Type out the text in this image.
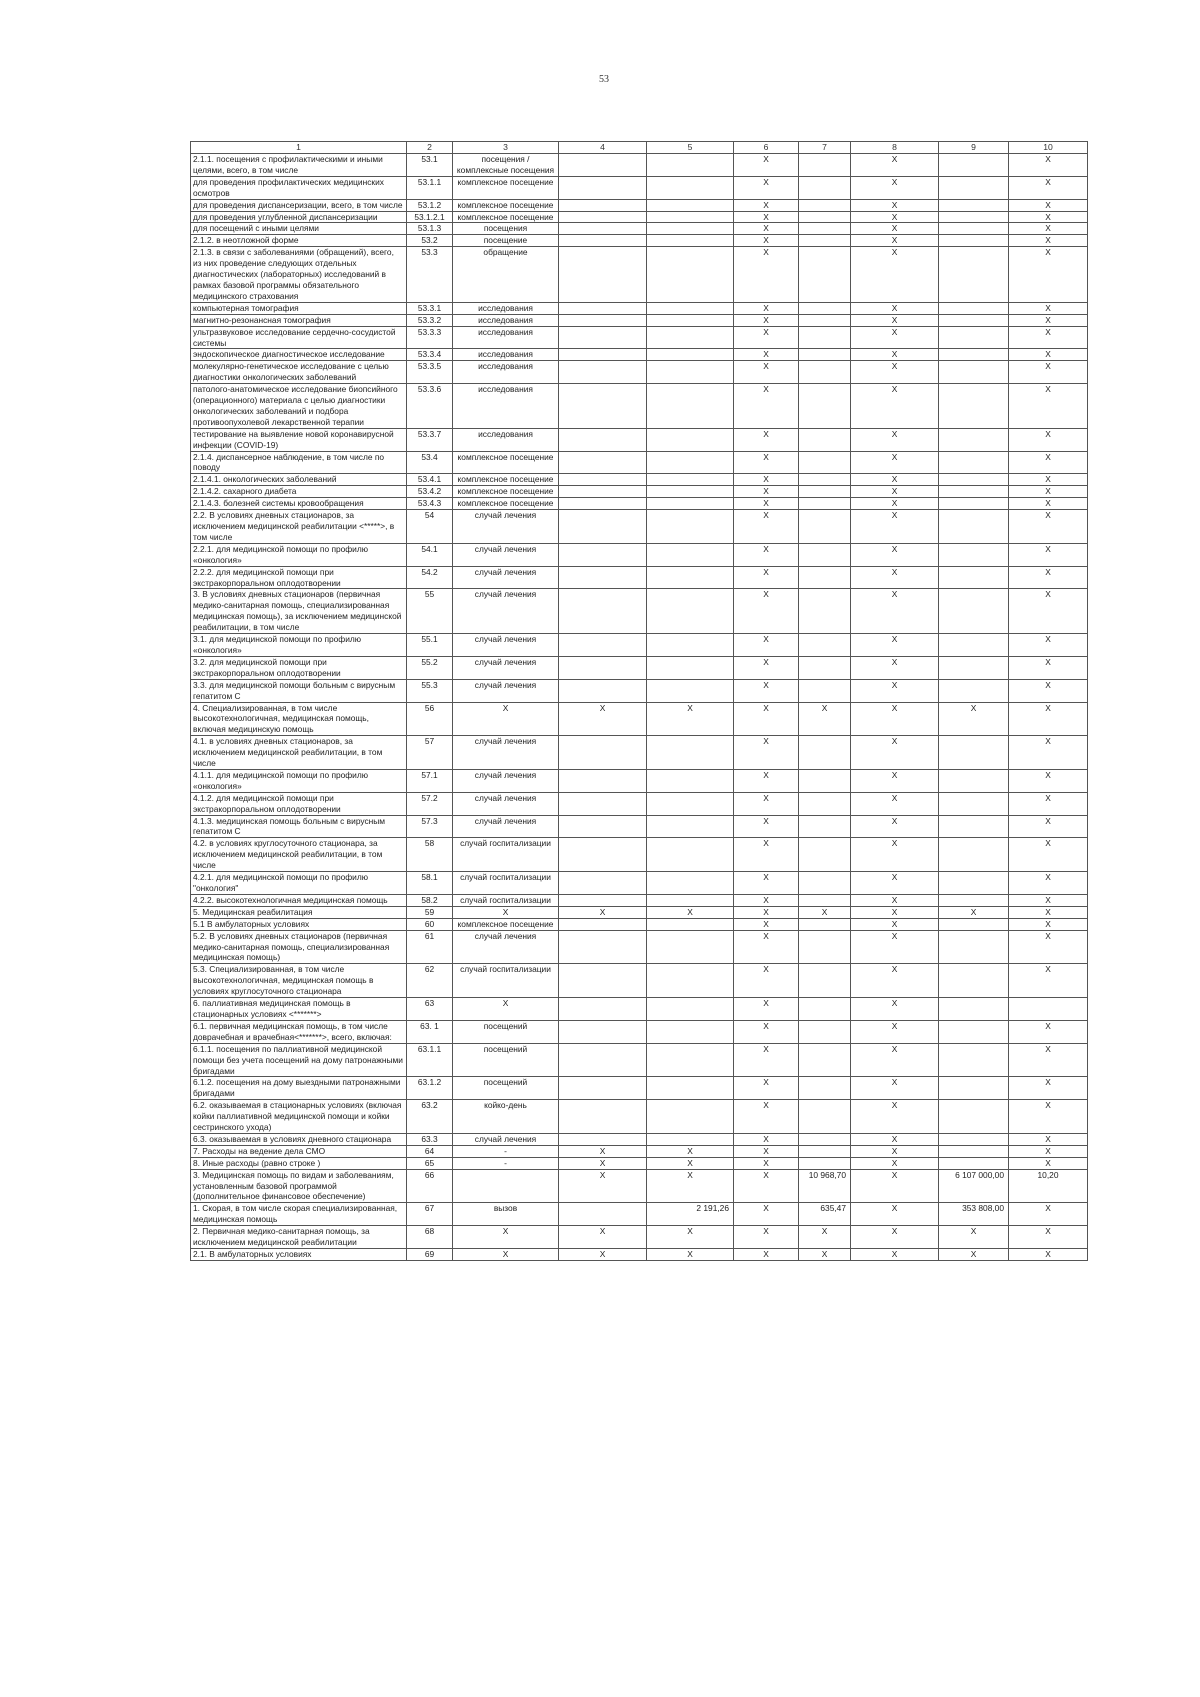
53
1	2	3	4	5	6	7	8	9	10
2.1.1. посещения с профилактическими и иными целями, всего, в том числе	53.1	посещения / комплексные посещения			X		X		X
для проведения профилактических медицинских осмотров	53.1.1	комплексное посещение			X		X		X
для проведения диспансеризации, всего, в том числе	53.1.2	комплексное посещение			X		X		X
для проведения углубленной диспансеризации	53.1.2.1	комплексное посещение			X		X		X
для посещений с иными целями	53.1.3	посещения			X		X		X
2.1.2. в неотложной форме	53.2	посещение			X		X		X
2.1.3. в связи с заболеваниями (обращений), всего, из них проведение следующих отдельных диагностических (лабораторных) исследований в рамках базовой программы обязательного медицинского страхования	53.3	обращение			X		X		X
компьютерная томография	53.3.1	исследования			X		X		X
магнитно-резонансная томография	53.3.2	исследования			X		X		X
ультразвуковое исследование сердечно-сосудистой системы	53.3.3	исследования			X		X		X
эндоскопическое диагностическое исследование	53.3.4	исследования			X		X		X
молекулярно-генетическое исследование с целью диагностики онкологических заболеваний	53.3.5	исследования			X		X		X
патолого-анатомическое исследование биопсийного (операционного) материала с целью диагностики онкологических заболеваний и подбора противоопухолевой лекарственной терапии	53.3.6	исследования			X		X		X
тестирование на выявление новой коронавирусной инфекции (COVID-19)	53.3.7	исследования			X		X		X
2.1.4. диспансерное наблюдение, в том числе по поводу	53.4	комплексное посещение			X		X		X
2.1.4.1. онкологических заболеваний	53.4.1	комплексное посещение			X		X		X
2.1.4.2. сахарного диабета	53.4.2	комплексное посещение			X		X		X
2.1.4.3. болезней системы кровообращения	53.4.3	комплексное посещение			X		X		X
2.2. В условиях дневных стационаров, за исключением медицинской реабилитации <*****>, в том числе	54	случай лечения			X		X		X
2.2.1. для медицинской помощи по профилю «онкология»	54.1	случай лечения			X		X		X
2.2.2. для медицинской помощи при экстракорпоральном оплодотворении	54.2	случай лечения			X		X		X
3. В условиях дневных стационаров (первичная медико-санитарная помощь, специализированная медицинская помощь), за исключением медицинской реабилитации, в том числе	55	случай лечения			X		X		X
3.1. для медицинской помощи по профилю «онкология»	55.1	случай лечения			X		X		X
3.2. для медицинской помощи при экстракорпоральном оплодотворении	55.2	случай лечения			X		X		X
3.3. для медицинской помощи больным с вирусным гепатитом С	55.3	случай лечения			X		X		X
4. Специализированная, в том числе высокотехнологичная, медицинская помощь, включая медицинскую помощь	56	X	X	X	X	X	X	X	X
4.1. в условиях дневных стационаров, за исключением медицинской реабилитации, в том числе	57	случай лечения			X		X		X
4.1.1. для медицинской помощи по профилю «онкология»	57.1	случай лечения			X		X		X
4.1.2. для медицинской помощи при экстракорпоральном оплодотворении	57.2	случай лечения			X		X		X
4.1.3. медицинская помощь больным с вирусным гепатитом С	57.3	случай лечения			X		X		X
4.2. в условиях круглосуточного стационара, за исключением медицинской реабилитации, в том числе	58	случай госпитализации			X		X		X
4.2.1. для медицинской помощи по профилю "онкология"	58.1	случай госпитализации			X		X		X
4.2.2. высокотехнологичная медицинская помощь	58.2	случай госпитализации			X		X		X
5. Медицинская реабилитация	59	X	X	X	X	X	X	X	X
5.1 В амбулаторных условиях	60	комплексное посещение			X		X		X
5.2. В условиях дневных стационаров (первичная медико-санитарная помощь, специализированная медицинская помощь)	61	случай лечения			X		X		X
5.3. Специализированная, в том числе высокотехнологичная, медицинская помощь в условиях круглосуточного стационара	62	случай госпитализации			X		X		X
6. паллиативная медицинская помощь в стационарных условиях <*******>	63	X			X		X		
6.1. первичная медицинская помощь, в том числе доврачебная и врачебная<*******>, всего, включая:	63. 1	посещений			X		X		X
6.1.1. посещения по паллиативной медицинской помощи без учета посещений на дому патронажными бригадами	63.1.1	посещений			X		X		X
6.1.2. посещения на дому выездными патронажными бригадами	63.1.2	посещений			X		X		X
6.2. оказываемая в стационарных условиях (включая койки паллиативной медицинской помощи и койки сестринского ухода)	63.2	койко-день			X		X		X
6.3. оказываемая в условиях дневного стационара	63.3	случай лечения			X		X		X
7. Расходы на ведение дела СМО	64	-	X	X	X		X		X
8. Иные расходы (равно строке )	65	-	X	X	X		X		X
3. Медицинская помощь по видам и заболеваниям, установленным базовой программой (дополнительное финансовое обеспечение)	66		X	X	X	10 968,70	X	6 107 000,00	10,20
1. Скорая, в том числе скорая специализированная, медицинская помощь	67	вызов		2 191,26	X	635,47	X	353 808,00	X
2. Первичная медико-санитарная помощь, за исключением медицинской реабилитации	68	X	X	X	X	X	X	X	X
2.1. В амбулаторных условиях	69	X	X	X	X	X	X	X	X
